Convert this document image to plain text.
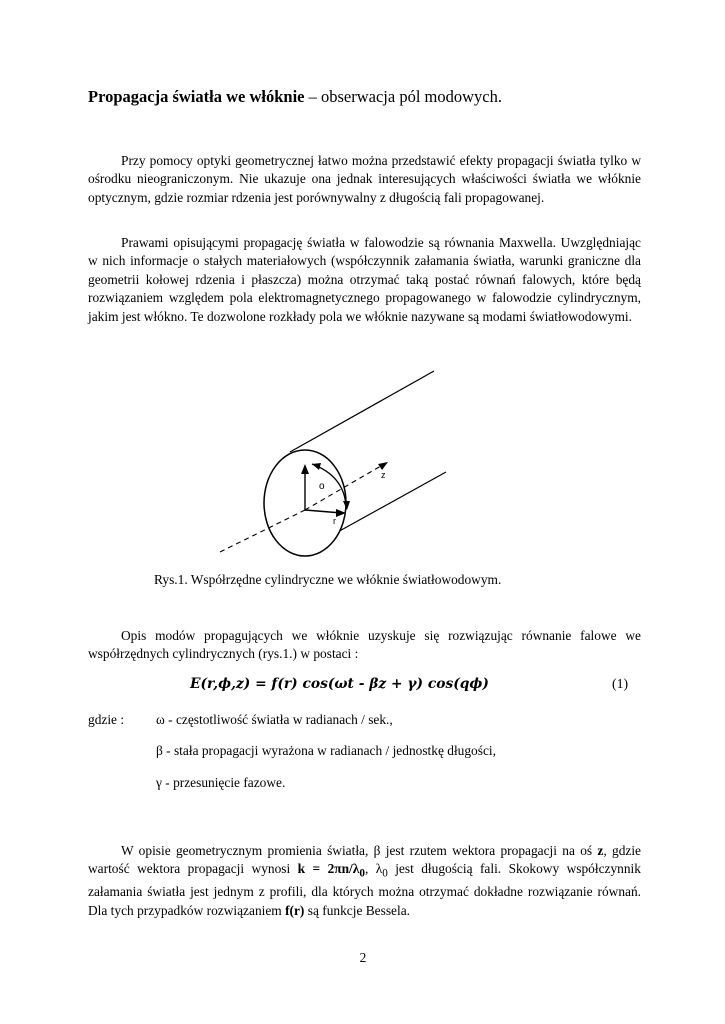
Propagacja światła we włóknie – obserwacja pól modowych.

Przy pomocy optyki geometrycznej łatwo można przedstawić efekty propagacji światła tylko w ośrodku nieograniczonym. Nie ukazuje ona jednak interesujących właściwości światła we włóknie optycznym, gdzie rozmiar rdzenia jest porównywalny z długością fali propagowanej.

Prawami opisującymi propagację światła w falowodzie są równania Maxwella. Uwzględniając w nich informacje o stałych materiałowych (współczynnik załamania światła, warunki graniczne dla geometrii kołowej rdzenia i płaszcza) można otrzymać taką postać równań falowych, które będą rozwiązaniem względem pola elektromagnetycznego propagowanego w falowodzie cylindrycznym, jakim jest włókno. Te dozwolone rozkłady pola we włóknie nazywane są modami światłowodowymi.

o
z
r
Rys.1. Współrzędne cylindryczne we włóknie światłowodowym.

Opis modów propagujących we włóknie uzyskuje się rozwiązując równanie falowe we współrzędnych cylindrycznych (rys.1.) w postaci :

E(r,ϕ,z) = f(r) cos(ωt - βz + γ) cos(qϕ)	(1)
gdzie : ω - częstotliwość światła w radianach / sek.,
β - stała propagacji wyrażona w radianach / jednostkę długości,
γ - przesunięcie fazowe.

W opisie geometrycznym promienia światła, β jest rzutem wektora propagacji na oś z, gdzie wartość wektora propagacji wynosi $k = 2\pi n/\lambda_0$, $\lambda_0$ jest długością fali. Skokowy współczynnik załamania światła jest jednym z profili, dla których można otrzymać dokładne rozwiązanie równań. Dla tych przypadków rozwiązaniem f(r) są funkcje Bessela.

2
